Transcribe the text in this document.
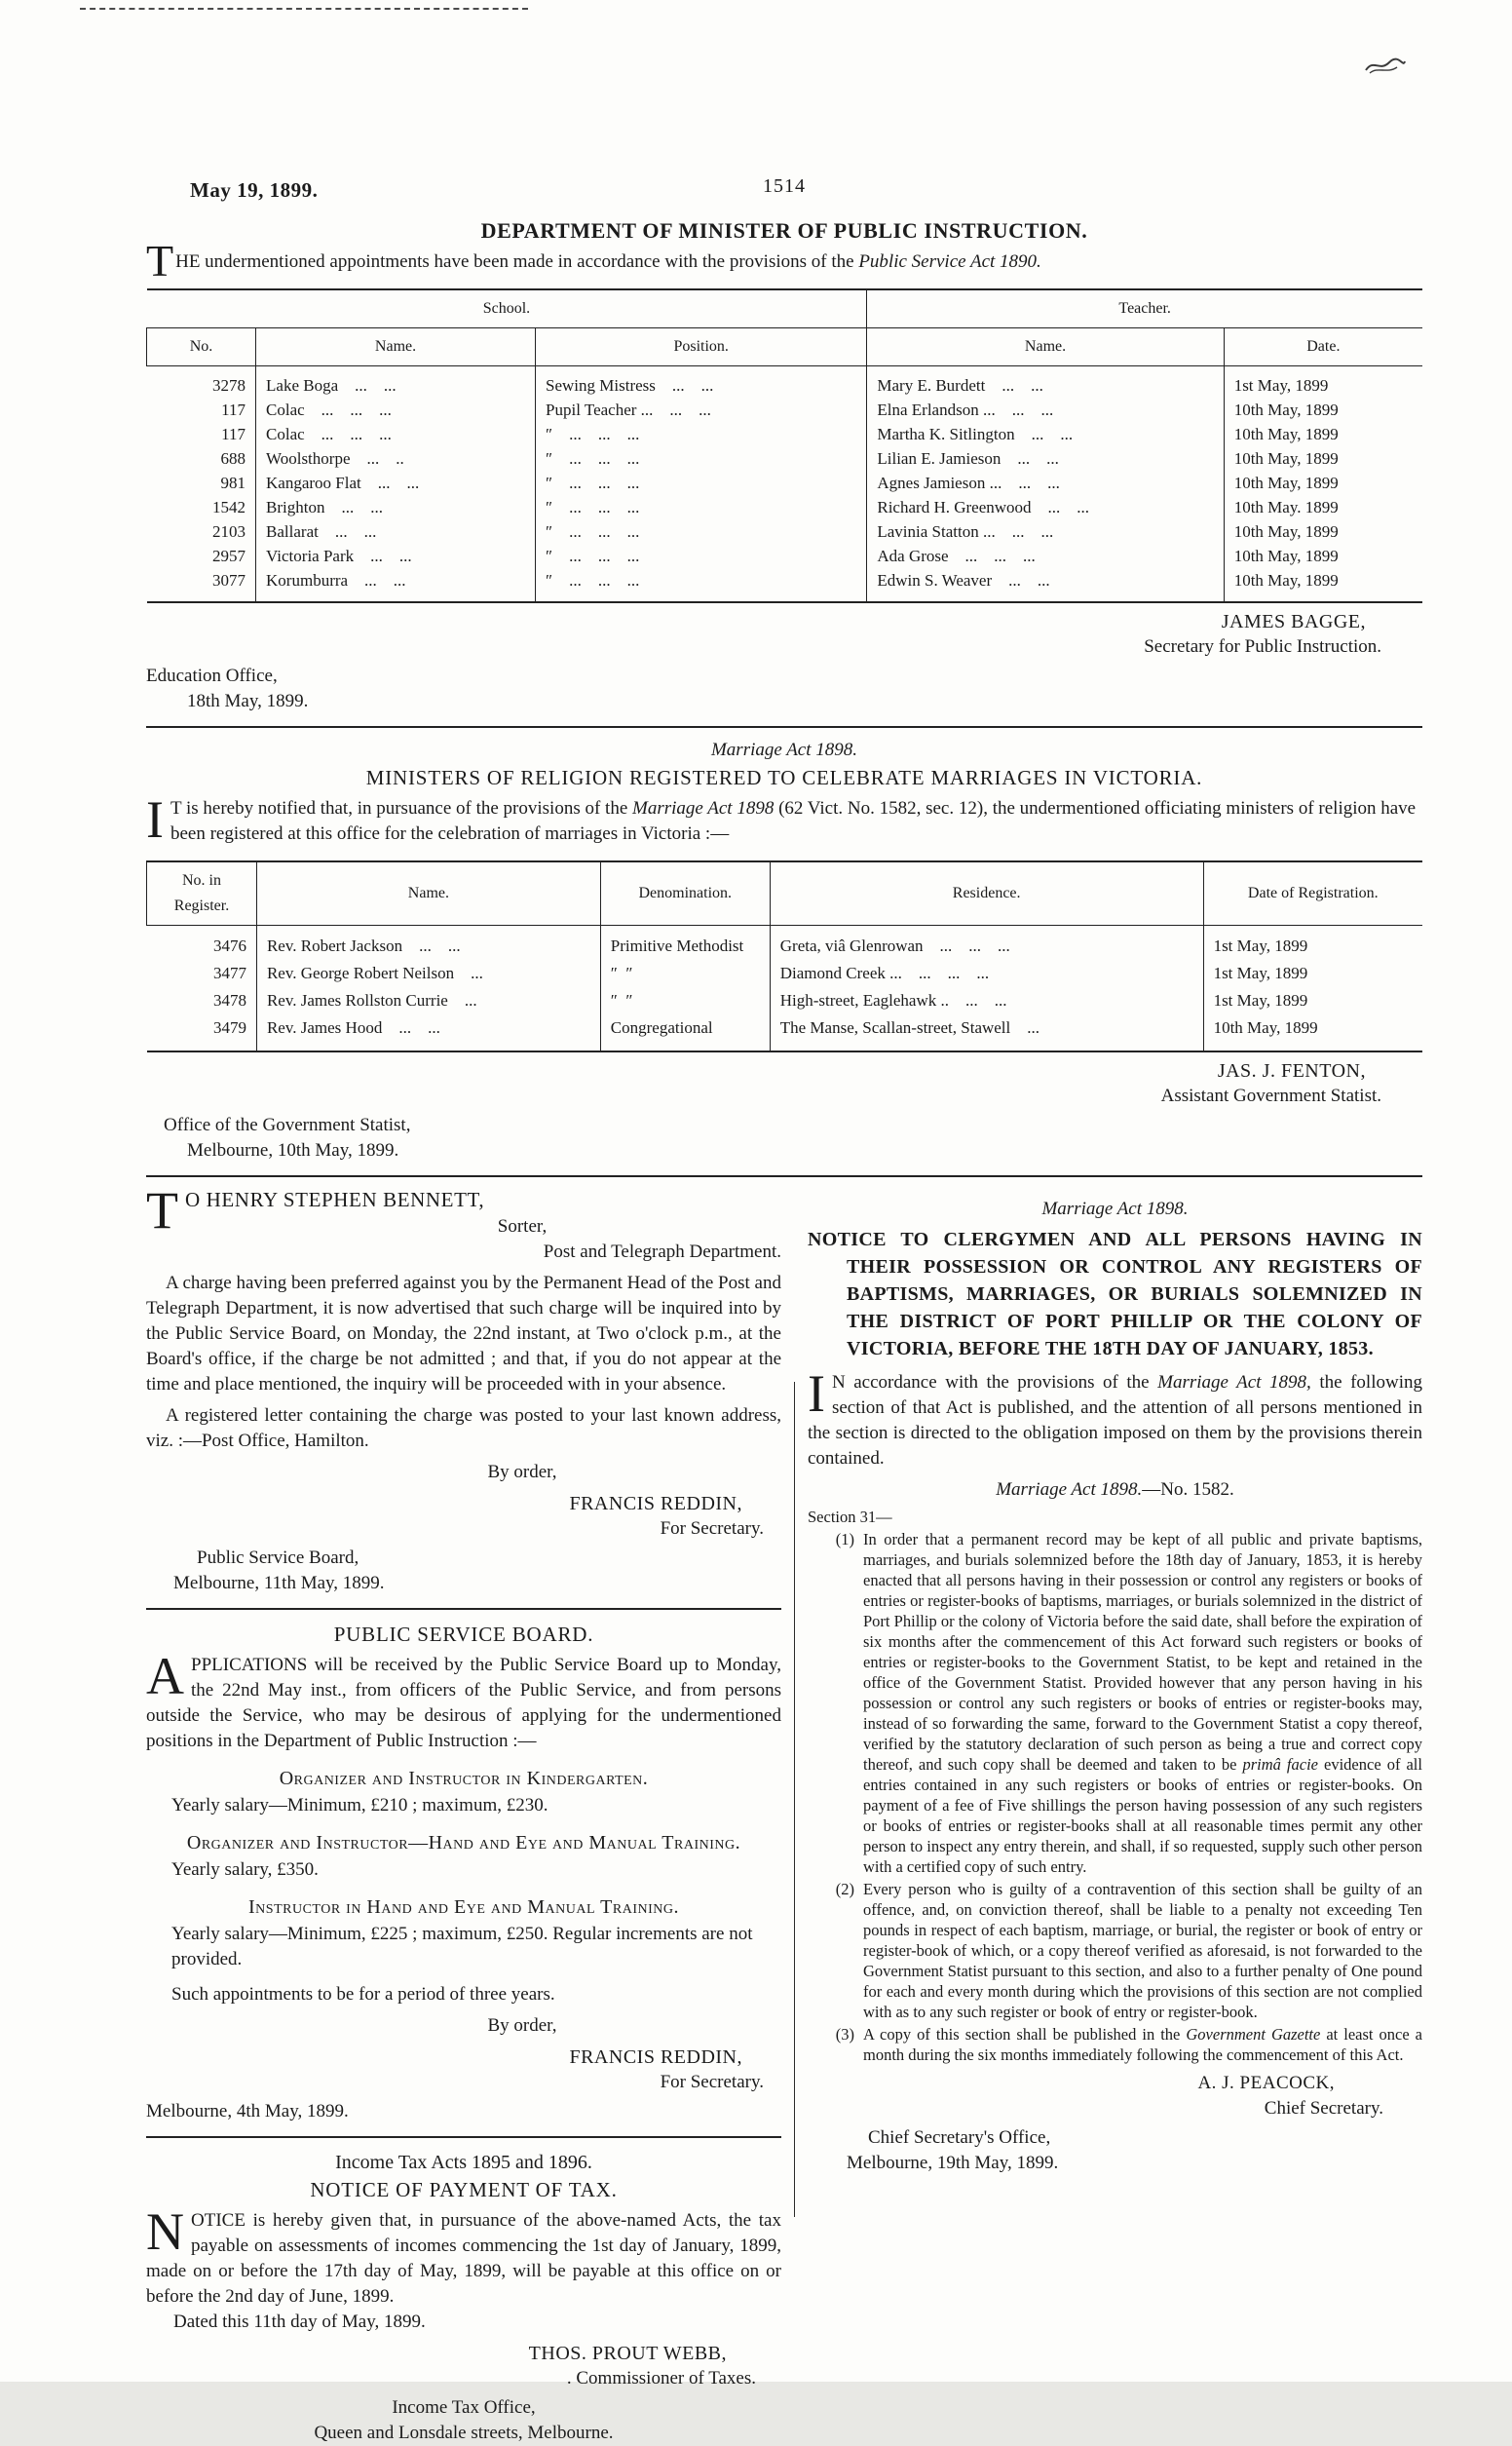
May 19, 1899.	1514
DEPARTMENT OF MINISTER OF PUBLIC INSTRUCTION.

THE undermentioned appointments have been made in accordance with the provisions of the Public Service Act 1890.

School.			Teacher.	
No.	Name.	Position.	Name.	Date.
3278	Lake Boga ... ...	Sewing Mistress ... ...	Mary E. Burdett ... ...	1st May, 1899
117	Colac ... ... ...	Pupil Teacher ... ... ...	Elna Erlandson ... ... ...	10th May, 1899
117	Colac ... ... ...	″ ... ... ...	Martha K. Sitlington ... ...	10th May, 1899
688	Woolsthorpe ... ..	″ ... ... ...	Lilian E. Jamieson ... ...	10th May, 1899
981	Kangaroo Flat ... ...	″ ... ... ...	Agnes Jamieson ... ... ...	10th May, 1899
1542	Brighton ... ...	″ ... ... ...	Richard H. Greenwood ... ...	10th May. 1899
2103	Ballarat ... ...	″ ... ... ...	Lavinia Statton ... ... ...	10th May, 1899
2957	Victoria Park ... ...	″ ... ... ...	Ada Grose ... ... ...	10th May, 1899
3077	Korumburra ... ...	″ ... ... ...	Edwin S. Weaver ... ...	10th May, 1899
JAMES BAGGE,
Secretary for Public Instruction.
Education Office,
18th May, 1899.
Marriage Act 1898.
MINISTERS OF RELIGION REGISTERED TO CELEBRATE MARRIAGES IN VICTORIA.

I T is hereby notified that, in pursuance of the provisions of the Marriage Act 1898 (62 Vict. No. 1582, sec. 12), the undermentioned officiating ministers of religion have been registered at this office for the celebration of marriages in Victoria :—

No. in Register.	Name.	Denomination.	Residence.	Date of Registration.
3476	Rev. Robert Jackson ... ...	Primitive Methodist	Greta, viâ Glenrowan ... ... ...	1st May, 1899
3477	Rev. George Robert Neilson ...	″ ″	Diamond Creek ... ... ... ...	1st May, 1899
3478	Rev. James Rollston Currie ...	″ ″	High-street, Eaglehawk .. ... ...	1st May, 1899
3479	Rev. James Hood ... ...	Congregational	The Manse, Scallan-street, Stawell ...	10th May, 1899
JAS. J. FENTON,
Assistant Government Statist.
Office of the Government Statist,
Melbourne, 10th May, 1899.

T O HENRY STEPHEN BENNETT,

Sorter,
Post and Telegraph Department.

A charge having been preferred against you by the Permanent Head of the Post and Telegraph Department, it is now advertised that such charge will be inquired into by the Public Service Board, on Monday, the 22nd instant, at Two o'clock p.m., at the Board's office, if the charge be not admitted ; and that, if you do not appear at the time and place mentioned, the inquiry will be proceeded with in your absence.

A registered letter containing the charge was posted to your last known address, viz. :—Post Office, Hamilton.

By order,
FRANCIS REDDIN,
For Secretary.
Public Service Board,
Melbourne, 11th May, 1899.
PUBLIC SERVICE BOARD.

APPLICATIONS will be received by the Public Service Board up to Monday, the 22nd May inst., from officers of the Public Service, and from persons outside the Service, who may be desirous of applying for the undermentioned positions in the Department of Public Instruction :—

Organizer and Instructor in Kindergarten.
Yearly salary—Minimum, £210 ; maximum, £230.
Organizer and Instructor—Hand and Eye and Manual Training.
Yearly salary, £350.
Instructor in Hand and Eye and Manual Training.
Yearly salary—Minimum, £225 ; maximum, £250. Regular increments are not provided.
Such appointments to be for a period of three years.
By order,
FRANCIS REDDIN,
For Secretary.
Melbourne, 4th May, 1899.
Income Tax Acts 1895 and 1896.
NOTICE OF PAYMENT OF TAX.

NOTICE is hereby given that, in pursuance of the above-named Acts, the tax payable on assessments of incomes commencing the 1st day of January, 1899, made on or before the 17th day of May, 1899, will be payable at this office on or before the 2nd day of June, 1899.

Dated this 11th day of May, 1899.
THOS. PROUT WEBB,
. Commissioner of Taxes.
Income Tax Office,
Queen and Lonsdale streets, Melbourne.
Marriage Act 1898.
NOTICE TO CLERGYMEN AND ALL PERSONS HAVING IN THEIR POSSESSION OR CONTROL ANY REGISTERS OF BAPTISMS, MARRIAGES, OR BURIALS SOLEMNIZED IN THE DISTRICT OF PORT PHILLIP OR THE COLONY OF VICTORIA, BEFORE THE 18TH DAY OF JANUARY, 1853.

I N accordance with the provisions of the Marriage Act 1898, the following section of that Act is published, and the attention of all persons mentioned in the section is directed to the obligation imposed on them by the provisions therein contained.

Marriage Act 1898.—No. 1582.
Section 31—
(1) In order that a permanent record may be kept of all public and private baptisms, marriages, and burials solemnized before the 18th day of January, 1853, it is hereby enacted that all persons having in their possession or control any registers or books of entries or register-books of baptisms, marriages, or burials solemnized in the district of Port Phillip or the colony of Victoria before the said date, shall before the expiration of six months after the commencement of this Act forward such registers or books of entries or register-books to the Government Statist, to be kept and retained in the office of the Government Statist. Provided however that any person having in his possession or control any such registers or books of entries or register-books may, instead of so forwarding the same, forward to the Government Statist a copy thereof, verified by the statutory declaration of such person as being a true and correct copy thereof, and such copy shall be deemed and taken to be primâ facie evidence of all entries contained in any such registers or books of entries or register-books. On payment of a fee of Five shillings the person having possession of any such registers or books of entries or register-books shall at all reasonable times permit any other person to inspect any entry therein, and shall, if so requested, supply such other person with a certified copy of such entry.
(2) Every person who is guilty of a contravention of this section shall be guilty of an offence, and, on conviction thereof, shall be liable to a penalty not exceeding Ten pounds in respect of each baptism, marriage, or burial, the register or book of entry or register-book of which, or a copy thereof verified as aforesaid, is not forwarded to the Government Statist pursuant to this section, and also to a further penalty of One pound for each and every month during which the provisions of this section are not complied with as to any such register or book of entry or register-book.
(3) A copy of this section shall be published in the Government Gazette at least once a month during the six months immediately following the commencement of this Act.
A. J. PEACOCK,
Chief Secretary.
Chief Secretary's Office,
Melbourne, 19th May, 1899.
